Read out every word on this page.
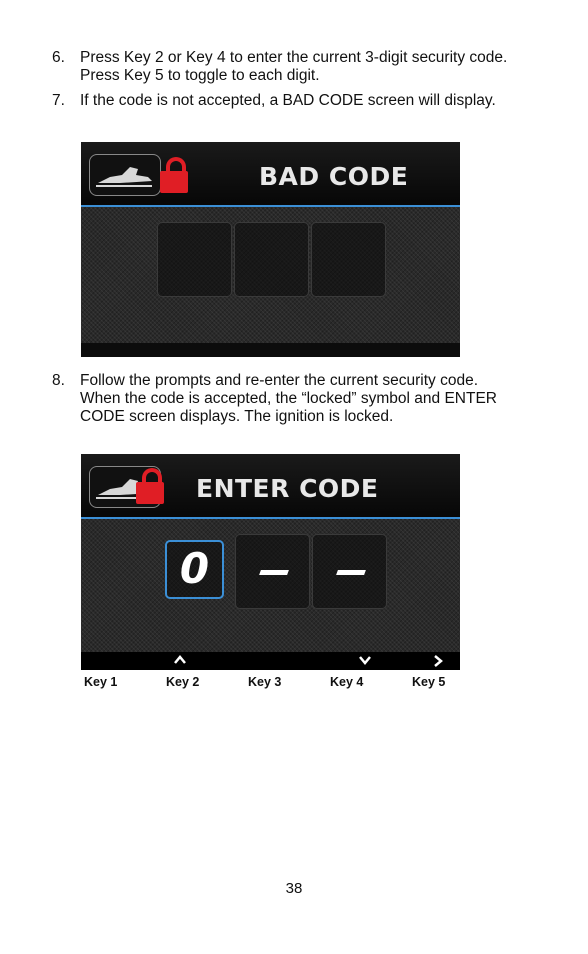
6. Press Key 2 or Key 4 to enter the current 3-digit security code. Press Key 5 to toggle to each digit.
7. If the code is not accepted, a BAD CODE screen will display.
BAD CODE
8. Follow the prompts and re-enter the current security code. When the code is accepted, the “locked” symbol and ENTER CODE screen displays. The ignition is locked.
ENTER CODE
0
Key 1	Key 2	Key 3	Key 4	Key 5
38
